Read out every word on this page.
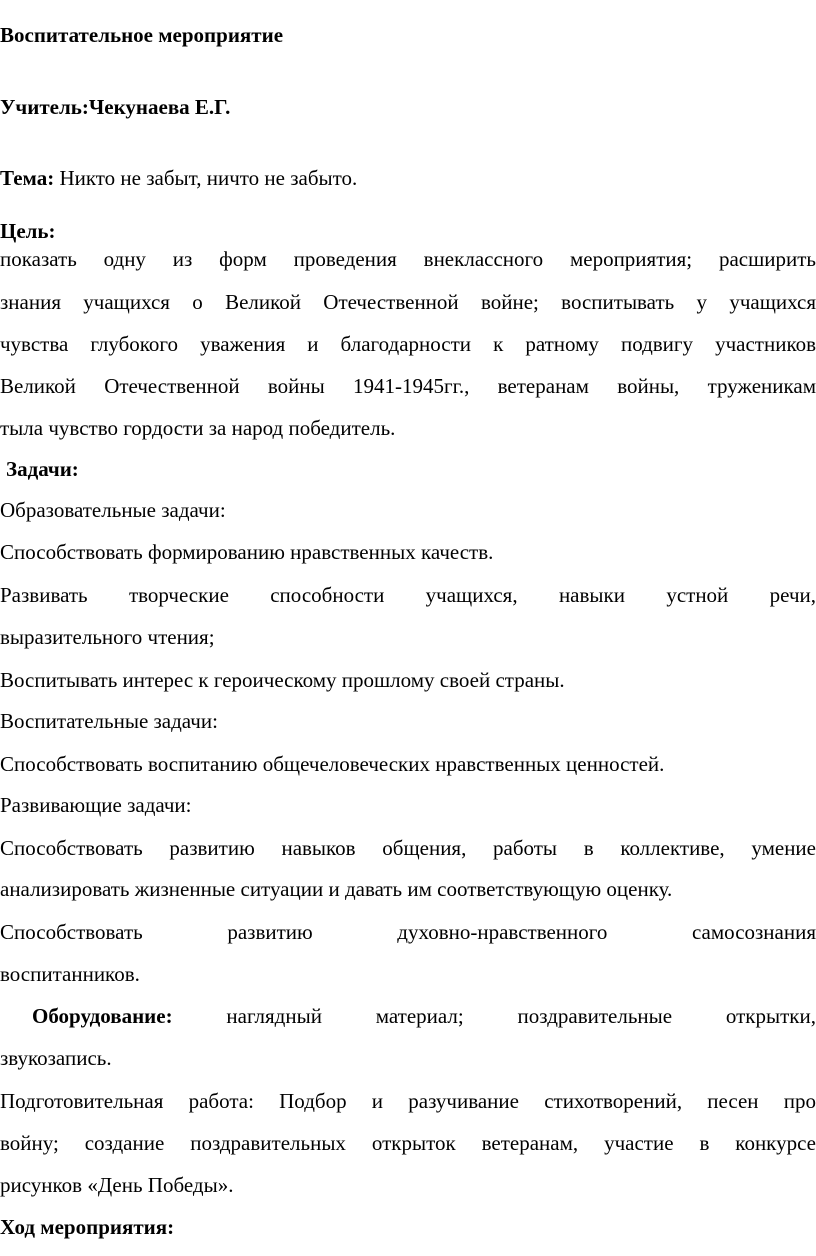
Воспитательное мероприятие
Учитель:Чекунаева Е.Г.
Тема: Никто не забыт, ничто не забыто.
Цель:
показать одну из форм проведения внеклассного мероприятия; расширить
знания учащихся о Великой Отечественной войне; воспитывать у учащихся
чувства глубокого уважения и благодарности к ратному подвигу участников
Великой Отечественной войны 1941-1945гг., ветеранам войны, труженикам
тыла чувство гордости за народ победитель.
Задачи:
Образовательные задачи:
Способствовать формированию нравственных качеств.
Развивать творческие способности учащихся, навыки устной речи,
выразительного чтения;
Воспитывать интерес к героическому прошлому своей страны.
Воспитательные задачи:
Способствовать воспитанию общечеловеческих нравственных ценностей.
Развивающие задачи:
Способствовать развитию навыков общения, работы в коллективе, умение
анализировать жизненные ситуации и давать им соответствующую оценку.
Способствовать развитию духовно-нравственного самосознания
воспитанников.
Оборудование: наглядный материал; поздравительные открытки,
звукозапись.
Подготовительная работа: Подбор и разучивание стихотворений, песен про
войну; создание поздравительных открыток ветеранам, участие в конкурсе
рисунков «День Победы».
Ход мероприятия:
